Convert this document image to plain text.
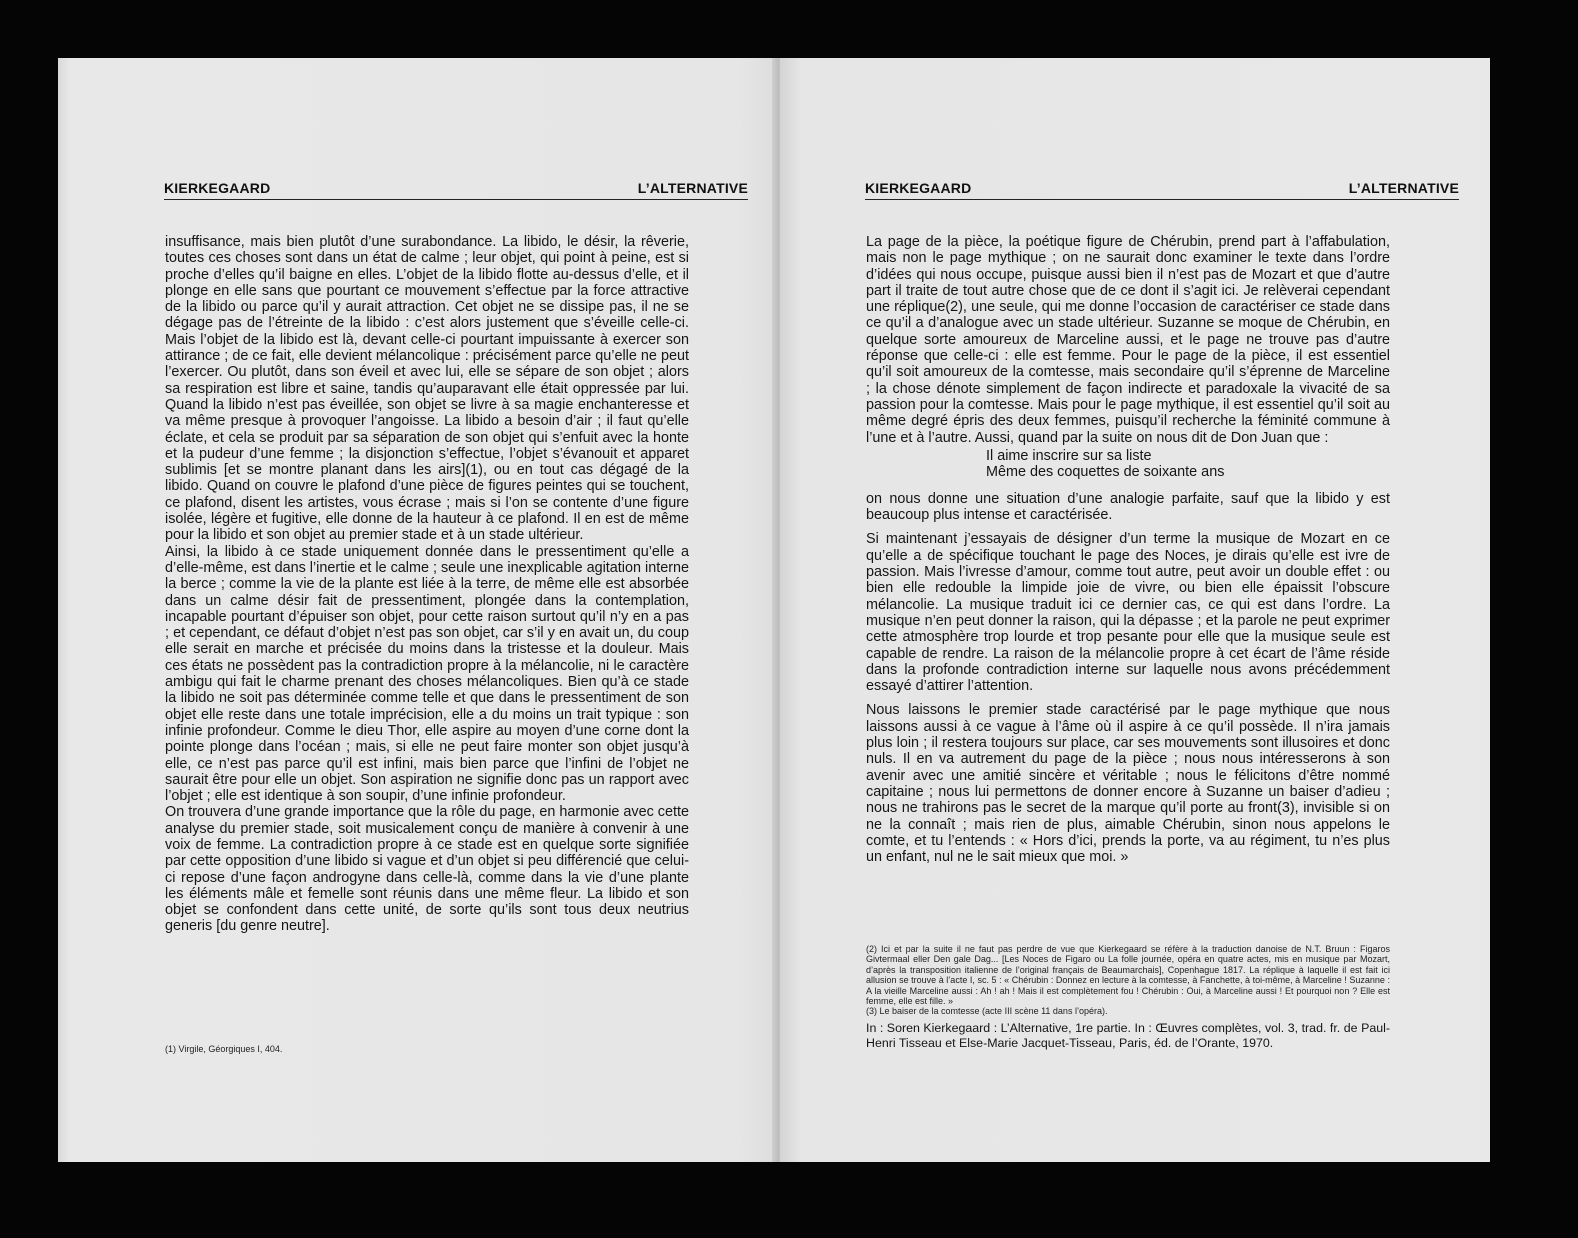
KIERKEGAARD	L’ALTERNATIVE

insuffisance, mais bien plutôt d’une surabondance. La libido, le désir, la rêverie, toutes ces choses sont dans un état de calme ; leur objet, qui point à peine, est si proche d’elles qu’il baigne en elles. L’objet de la libido flotte au-dessus d’elle, et il plonge en elle sans que pourtant ce mouvement s’effectue par la force attractive de la libido ou parce qu’il y aurait attraction. Cet objet ne se dissipe pas, il ne se dégage pas de l’étreinte de la libido : c’est alors justement que s’éveille celle-ci. Mais l’objet de la libido est là, devant celle-ci pourtant impuissante à exercer son attirance ; de ce fait, elle devient mélancolique : précisément parce qu’elle ne peut l’exercer. Ou plutôt, dans son éveil et avec lui, elle se sépare de son objet ; alors sa respiration est libre et saine, tandis qu’auparavant elle était oppressée par lui. Quand la libido n’est pas éveillée, son objet se livre à sa magie enchanteresse et va même presque à provoquer l’angoisse. La libido a besoin d’air ; il faut qu’elle éclate, et cela se produit par sa séparation de son objet qui s’enfuit avec la honte et la pudeur d’une femme ; la disjonction s’effectue, l’objet s’évanouit et apparet sublimis [et se montre planant dans les airs](1), ou en tout cas dégagé de la libido. Quand on couvre le plafond d’une pièce de figures peintes qui se touchent, ce plafond, disent les artistes, vous écrase ; mais si l’on se contente d’une figure isolée, légère et fugitive, elle donne de la hauteur à ce plafond. Il en est de même pour la libido et son objet au premier stade et à un stade ultérieur.

Ainsi, la libido à ce stade uniquement donnée dans le pressentiment qu’elle a d’elle-même, est dans l’inertie et le calme ; seule une inexplicable agitation interne la berce ; comme la vie de la plante est liée à la terre, de même elle est absorbée dans un calme désir fait de pressentiment, plongée dans la contemplation, incapable pourtant d’épuiser son objet, pour cette raison surtout qu’il n’y en a pas ; et cependant, ce défaut d’objet n’est pas son objet, car s’il y en avait un, du coup elle serait en marche et précisée du moins dans la tristesse et la douleur. Mais ces états ne possèdent pas la contradiction propre à la mélancolie, ni le caractère ambigu qui fait le charme prenant des choses mélancoliques. Bien qu’à ce stade la libido ne soit pas déterminée comme telle et que dans le pressentiment de son objet elle reste dans une totale imprécision, elle a du moins un trait typique : son infinie profondeur. Comme le dieu Thor, elle aspire au moyen d’une corne dont la pointe plonge dans l’océan ; mais, si elle ne peut faire monter son objet jusqu’à elle, ce n’est pas parce qu’il est infini, mais bien parce que l’infini de l’objet ne saurait être pour elle un objet. Son aspiration ne signifie donc pas un rapport avec l’objet ; elle est identique à son soupir, d’une infinie profondeur.

On trouvera d’une grande importance que la rôle du page, en harmonie avec cette analyse du premier stade, soit musicalement conçu de manière à convenir à une voix de femme. La contradiction propre à ce stade est en quelque sorte signifiée par cette opposition d’une libido si vague et d’un objet si peu différencié que celui-ci repose d’une façon androgyne dans celle-là, comme dans la vie d’une plante les éléments mâle et femelle sont réunis dans une même fleur. La libido et son objet se confondent dans cette unité, de sorte qu’ils sont tous deux neutrius generis [du genre neutre].

(1) Virgile, Géorgiques I, 404.
KIERKEGAARD	L’ALTERNATIVE

La page de la pièce, la poétique figure de Chérubin, prend part à l’affabulation, mais non le page mythique ; on ne saurait donc examiner le texte dans l’ordre d’idées qui nous occupe, puisque aussi bien il n’est pas de Mozart et que d’autre part il traite de tout autre chose que de ce dont il s’agit ici. Je relèverai cependant une réplique(2), une seule, qui me donne l’occasion de caractériser ce stade dans ce qu’il a d’analogue avec un stade ultérieur. Suzanne se moque de Chérubin, en quelque sorte amoureux de Marceline aussi, et le page ne trouve pas d’autre réponse que celle-ci : elle est femme. Pour le page de la pièce, il est essentiel qu’il soit amoureux de la comtesse, mais secondaire qu’il s’éprenne de Marceline ; la chose dénote simplement de façon indirecte et paradoxale la vivacité de sa passion pour la comtesse. Mais pour le page mythique, il est essentiel qu’il soit au même degré épris des deux femmes, puisqu’il recherche la féminité commune à l’une et à l’autre. Aussi, quand par la suite on nous dit de Don Juan que :

Il aime inscrire sur sa liste
Même des coquettes de soixante ans

on nous donne une situation d’une analogie parfaite, sauf que la libido y est beaucoup plus intense et caractérisée.

Si maintenant j’essayais de désigner d’un terme la musique de Mozart en ce qu’elle a de spécifique touchant le page des Noces, je dirais qu’elle est ivre de passion. Mais l’ivresse d’amour, comme tout autre, peut avoir un double effet : ou bien elle redouble la limpide joie de vivre, ou bien elle épaissit l’obscure mélancolie. La musique traduit ici ce dernier cas, ce qui est dans l’ordre. La musique n’en peut donner la raison, qui la dépasse ; et la parole ne peut exprimer cette atmosphère trop lourde et trop pesante pour elle que la musique seule est capable de rendre. La raison de la mélancolie propre à cet écart de l’âme réside dans la profonde contradiction interne sur laquelle nous avons précédemment essayé d’attirer l’attention.

Nous laissons le premier stade caractérisé par le page mythique que nous laissons aussi à ce vague à l’âme où il aspire à ce qu’il possède. Il n’ira jamais plus loin ; il restera toujours sur place, car ses mouvements sont illusoires et donc nuls. Il en va autrement du page de la pièce ; nous nous intéresserons à son avenir avec une amitié sincère et véritable ; nous le félicitons d’être nommé capitaine ; nous lui permettons de donner encore à Suzanne un baiser d’adieu ; nous ne trahirons pas le secret de la marque qu’il porte au front(3), invisible si on ne la connaît ; mais rien de plus, aimable Chérubin, sinon nous appelons le comte, et tu l’entends : « Hors d’ici, prends la porte, va au régiment, tu n’es plus un enfant, nul ne le sait mieux que moi. »

(2) Ici et par la suite il ne faut pas perdre de vue que Kierkegaard se réfère à la traduction danoise de N.T. Bruun : Figaros Givtermaal eller Den gale Dag... [Les Noces de Figaro ou La folle journée, opéra en quatre actes, mis en musique par Mozart, d’après la transposition italienne de l’original français de Beaumarchais], Copenhague 1817. La réplique à laquelle il est fait ici allusion se trouve à l’acte I, sc. 5 : « Chérubin : Donnez en lecture à la comtesse, à Fanchette, à toi-même, à Marceline ! Suzanne : A la vieille Marceline aussi : Ah ! ah ! Mais il est complètement fou ! Chérubin : Oui, à Marceline aussi ! Et pourquoi non ? Elle est femme, elle est fille. »
(3) Le baiser de la comtesse (acte III scène 11 dans l’opéra).
In : Soren Kierkegaard : L’Alternative, 1re partie. In : Œuvres complètes, vol. 3, trad. fr. de Paul-Henri Tisseau et Else-Marie Jacquet-Tisseau, Paris, éd. de l’Orante, 1970.
